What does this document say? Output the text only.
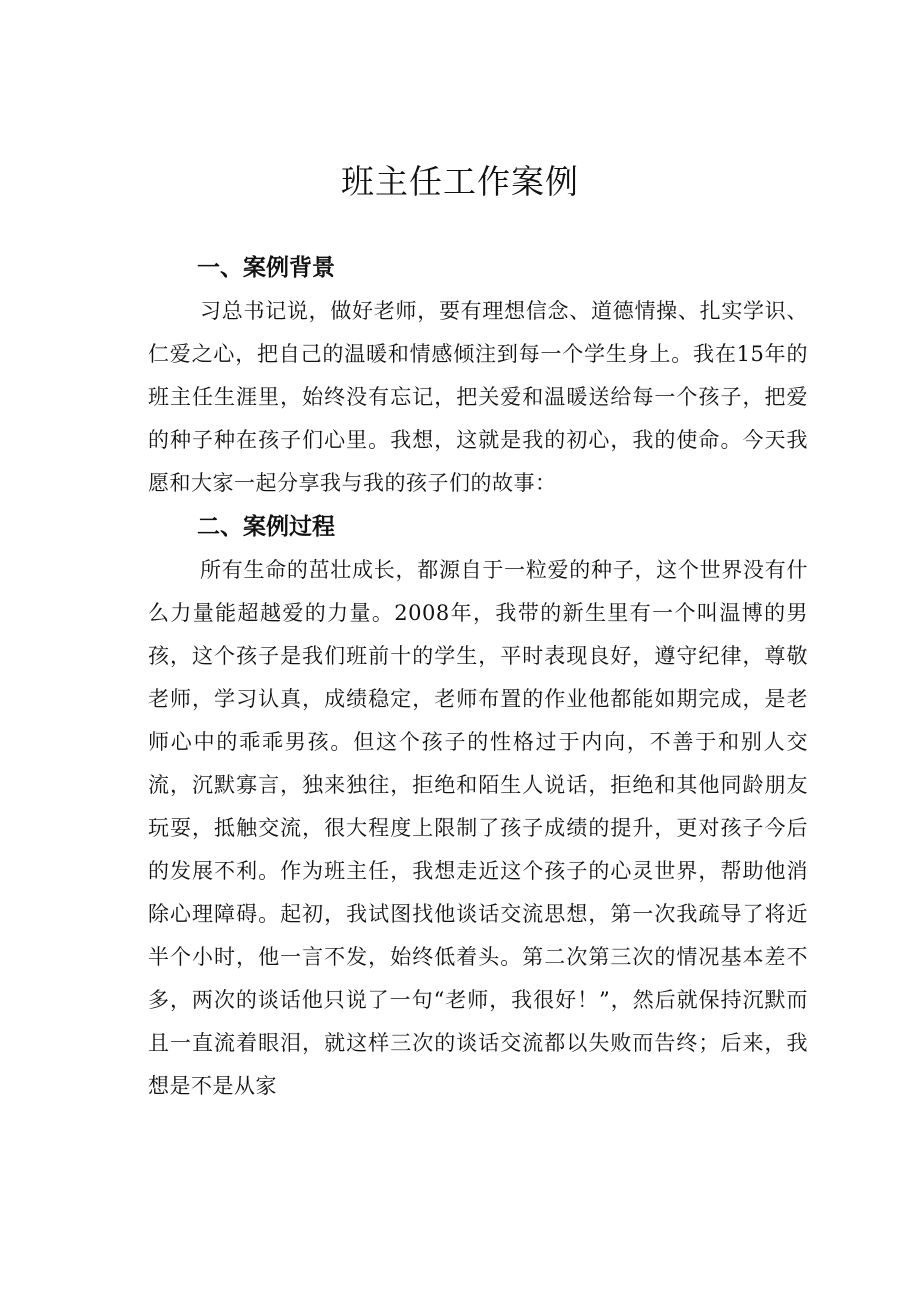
班主任工作案例
一、案例背景

习总书记说，做好老师，要有理想信念、道德情操、扎实学识、仁爱之心，把自己的温暖和情感倾注到每一个学生身上。我在15年的班主任生涯里，始终没有忘记，把关爱和温暖送给每一个孩子，把爱的种子种在孩子们心里。我想，这就是我的初心，我的使命。今天我愿和大家一起分享我与我的孩子们的故事：

二、案例过程

所有生命的茁壮成长，都源自于一粒爱的种子，这个世界没有什么力量能超越爱的力量。2008年，我带的新生里有一个叫温博的男孩，这个孩子是我们班前十的学生，平时表现良好，遵守纪律，尊敬老师，学习认真，成绩稳定，老师布置的作业他都能如期完成，是老师心中的乖乖男孩。但这个孩子的性格过于内向，不善于和别人交流，沉默寡言，独来独往，拒绝和陌生人说话，拒绝和其他同龄朋友玩耍，抵触交流，很大程度上限制了孩子成绩的提升，更对孩子今后的发展不利。作为班主任，我想走近这个孩子的心灵世界，帮助他消除心理障碍。起初，我试图找他谈话交流思想，第一次我疏导了将近半个小时，他一言不发，始终低着头。第二次第三次的情况基本差不多，两次的谈话他只说了一句“老师，我很好！”，然后就保持沉默而且一直流着眼泪，就这样三次的谈话交流都以失败而告终；后来，我想是不是从家
